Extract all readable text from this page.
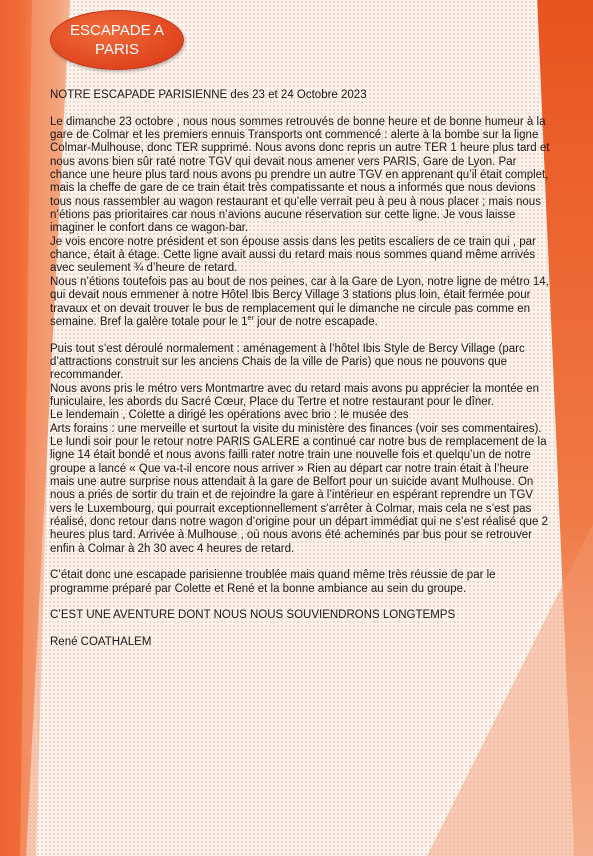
ESCAPADE A
PARIS

NOTRE ESCAPADE PARISIENNE des 23 et 24 Octobre 2023

Le dimanche 23 octobre , nous nous sommes retrouvés de bonne heure et de bonne humeur à la gare de Colmar et les premiers ennuis Transports ont commencé : alerte à la bombe sur la ligne Colmar-Mulhouse, donc TER supprimé. Nous avons donc repris un autre TER 1 heure plus tard et nous avons bien sûr raté notre TGV qui devait nous amener vers PARIS, Gare de Lyon. Par chance une heure plus tard nous avons pu prendre un autre TGV en apprenant qu’il était complet, mais la cheffe de gare de ce train était très compatissante et nous a informés que nous devions tous nous rassembler au wagon restaurant et qu’elle verrait peu à peu à nous placer ; mais nous n’étions pas prioritaires car nous n’avions aucune réservation sur cette ligne. Je vous laisse imaginer le confort dans ce wagon-bar.

Je vois encore notre président et son épouse assis dans les petits escaliers de ce train qui , par chance, était à étage. Cette ligne avait aussi du retard mais nous sommes quand même arrivés avec seulement ¾ d’heure de retard.

Nous n’étions toutefois pas au bout de nos peines, car à la Gare de Lyon, notre ligne de métro 14, qui devait nous emmener à notre Hôtel Ibis Bercy Village 3 stations plus loin, était fermée pour travaux et on devait trouver le bus de remplacement qui le dimanche ne circule pas comme en semaine. Bref la galère totale pour le 1er jour de notre escapade.

Puis tout s’est déroulé normalement : aménagement à l’hôtel Ibis Style de Bercy Village (parc d’attractions construit sur les anciens Chais de la ville de Paris) que nous ne pouvons que recommander.

Nous avons pris le métro vers Montmartre avec du retard mais avons pu apprécier la montée en funiculaire, les abords du Sacré Cœur, Place du Tertre et notre restaurant pour le dîner.

Le lendemain , Colette a dirigé les opérations avec brio : le musée des

Arts forains : une merveille et surtout la visite du ministère des finances (voir ses commentaires).

Le lundi soir pour le retour notre PARIS GALERE a continué car notre bus de remplacement de la ligne 14 était bondé et nous avons failli rater notre train une nouvelle fois et quelqu’un de notre groupe a lancé « Que va-t-il encore nous arriver » Rien au départ car notre train était à l’heure mais une autre surprise nous attendait à la gare de Belfort pour un suicide avant Mulhouse. On nous a priés de sortir du train et de rejoindre la gare à l’intérieur en espérant reprendre un TGV vers le Luxembourg, qui pourrait exceptionnellement s’arrêter à Colmar, mais cela ne s’est pas réalisé, donc retour dans notre wagon d’origine pour un départ immédiat qui ne s’est réalisé que 2 heures plus tard. Arrivée à Mulhouse , où nous avons été acheminés par bus pour se retrouver enfin à Colmar à 2h 30 avec 4 heures de retard.

C’était donc une escapade parisienne troublée mais quand même très réussie de par le programme préparé par Colette et René et la bonne ambiance au sein du groupe.

C’EST UNE AVENTURE DONT NOUS NOUS SOUVIENDRONS LONGTEMPS

René COATHALEM
